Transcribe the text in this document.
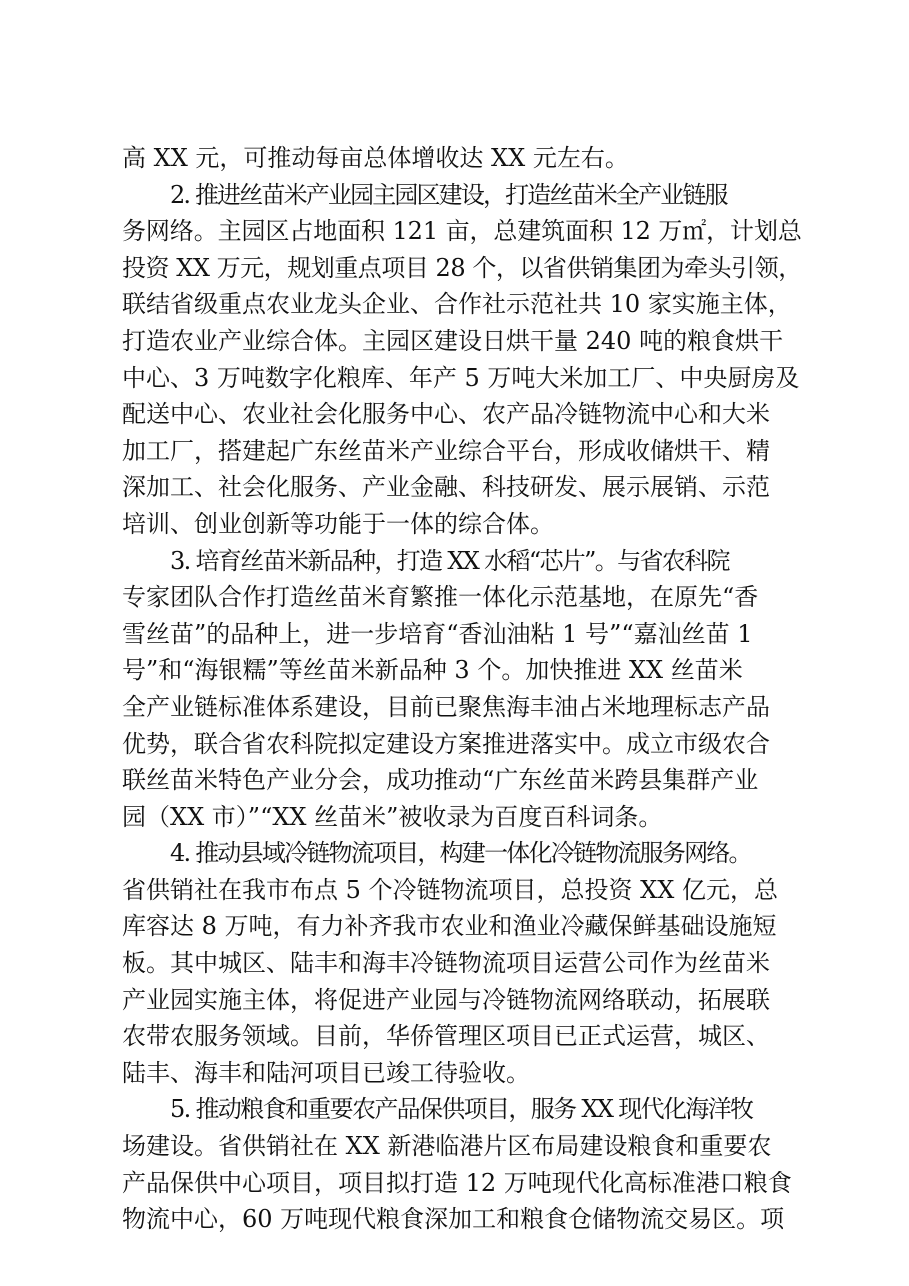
高 XX 元，可推动每亩总体增收达 XX 元左右。
2. 推进丝苗米产业园主园区建设，打造丝苗米全产业链服
务网络。主园区占地面积 121 亩，总建筑面积 12 万㎡，计划总
投资 XX 万元，规划重点项目 28 个，以省供销集团为牵头引领，
联结省级重点农业龙头企业、合作社示范社共 10 家实施主体，
打造农业产业综合体。主园区建设日烘干量 240 吨的粮食烘干
中心、3 万吨数字化粮库、年产 5 万吨大米加工厂、中央厨房及
配送中心、农业社会化服务中心、农产品冷链物流中心和大米
加工厂，搭建起广东丝苗米产业综合平台，形成收储烘干、精
深加工、社会化服务、产业金融、科技研发、展示展销、示范
培训、创业创新等功能于一体的综合体。
3. 培育丝苗米新品种，打造 XX 水稻“芯片”。与省农科院
专家团队合作打造丝苗米育繁推一体化示范基地，在原先“香
雪丝苗”的品种上，进一步培育“香汕油粘 1 号”“嘉汕丝苗 1
号”和“海银糯”等丝苗米新品种 3 个。加快推进 XX 丝苗米
全产业链标准体系建设，目前已聚焦海丰油占米地理标志产品
优势，联合省农科院拟定建设方案推进落实中。成立市级农合
联丝苗米特色产业分会，成功推动“广东丝苗米跨县集群产业
园（XX 市）”“XX 丝苗米”被收录为百度百科词条。
4. 推动县域冷链物流项目，构建一体化冷链物流服务网络。
省供销社在我市布点 5 个冷链物流项目，总投资 XX 亿元，总
库容达 8 万吨，有力补齐我市农业和渔业冷藏保鲜基础设施短
板。其中城区、陆丰和海丰冷链物流项目运营公司作为丝苗米
产业园实施主体，将促进产业园与冷链物流网络联动，拓展联
农带农服务领域。目前，华侨管理区项目已正式运营，城区、
陆丰、海丰和陆河项目已竣工待验收。
5. 推动粮食和重要农产品保供项目，服务 XX 现代化海洋牧
场建设。省供销社在 XX 新港临港片区布局建设粮食和重要农
产品保供中心项目，项目拟打造 12 万吨现代化高标准港口粮食
物流中心，60 万吨现代粮食深加工和粮食仓储物流交易区。项
